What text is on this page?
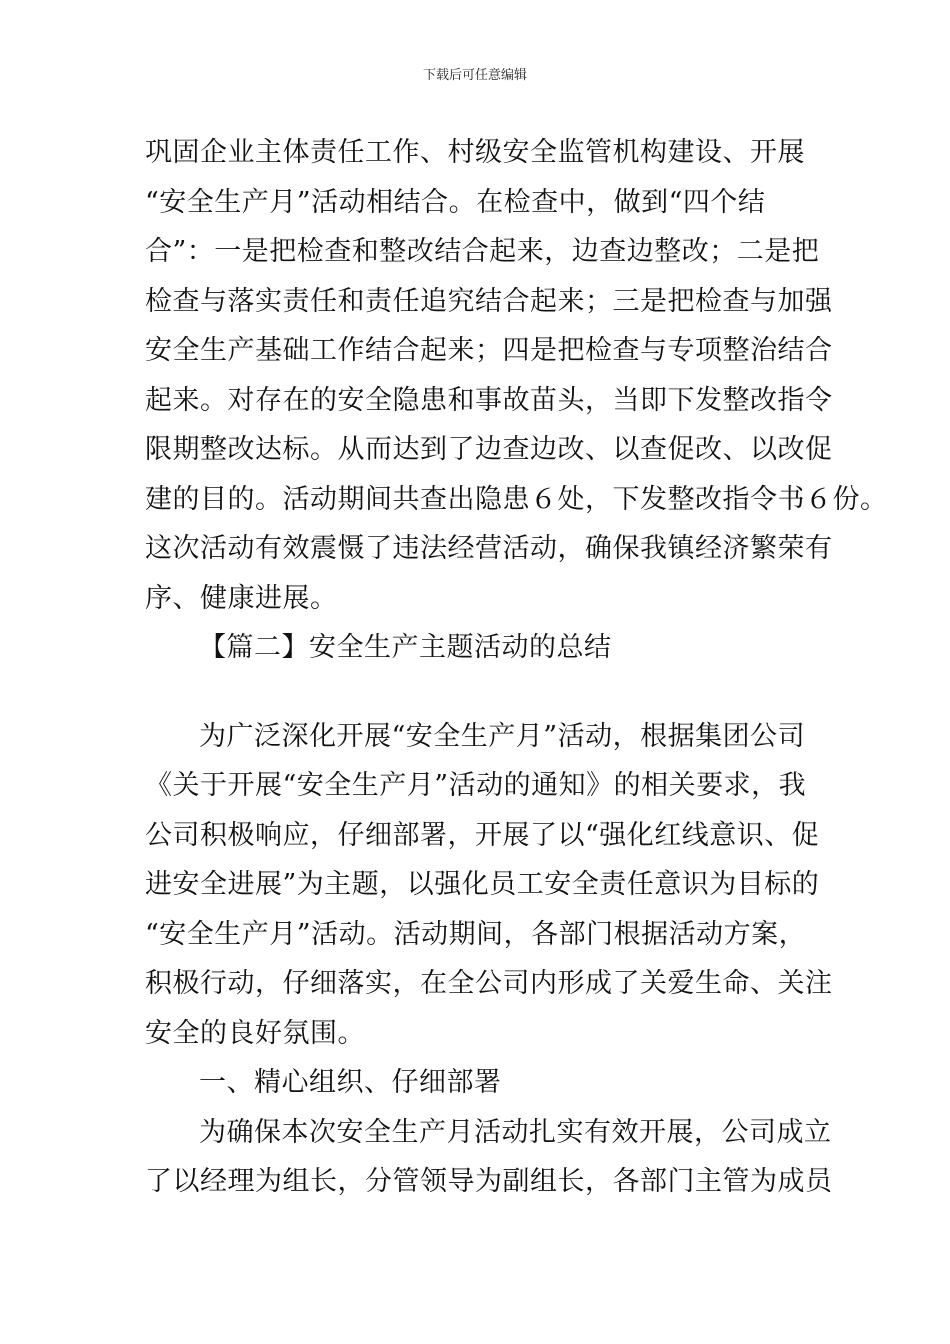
下载后可任意编辑
巩固企业主体责任工作、村级安全监管机构建设、开展
“安全生产月”活动相结合。在检查中，做到“四个结
合”：一是把检查和整改结合起来，边查边整改；二是把
检查与落实责任和责任追究结合起来；三是把检查与加强
安全生产基础工作结合起来；四是把检查与专项整治结合
起来。对存在的安全隐患和事故苗头，当即下发整改指令
限期整改达标。从而达到了边查边改、以查促改、以改促
建的目的。活动期间共查出隐患６处，下发整改指令书６份。
这次活动有效震慑了违法经营活动，确保我镇经济繁荣有
序、健康进展。
【篇二】安全生产主题活动的总结
为广泛深化开展“安全生产月”活动，根据集团公司
《关于开展“安全生产月”活动的通知》的相关要求，我
公司积极响应，仔细部署，开展了以“强化红线意识、促
进安全进展”为主题，以强化员工安全责任意识为目标的
“安全生产月”活动。活动期间，各部门根据活动方案，
积极行动，仔细落实，在全公司内形成了关爱生命、关注
安全的良好氛围。
一、精心组织、仔细部署
为确保本次安全生产月活动扎实有效开展，公司成立
了以经理为组长，分管领导为副组长，各部门主管为成员
